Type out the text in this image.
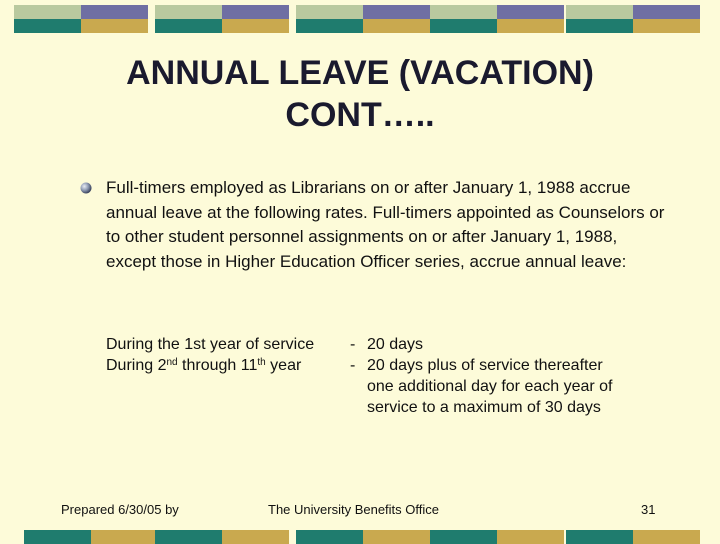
ANNUAL LEAVE (VACATION)
CONT…..
Full-timers employed as Librarians on or after January 1, 1988 accrue annual leave at the following rates. Full-timers appointed as Counselors or to other student personnel assignments on or after January 1, 1988, except those in Higher Education Officer series, accrue annual leave:
During the 1st year of service - 20 days
During 2nd through 11th year	- 20 days plus of service thereafter
one additional day for each year of
service to a maximum of 30 days
Prepared 6/30/05 by	The University Benefits Office	31
